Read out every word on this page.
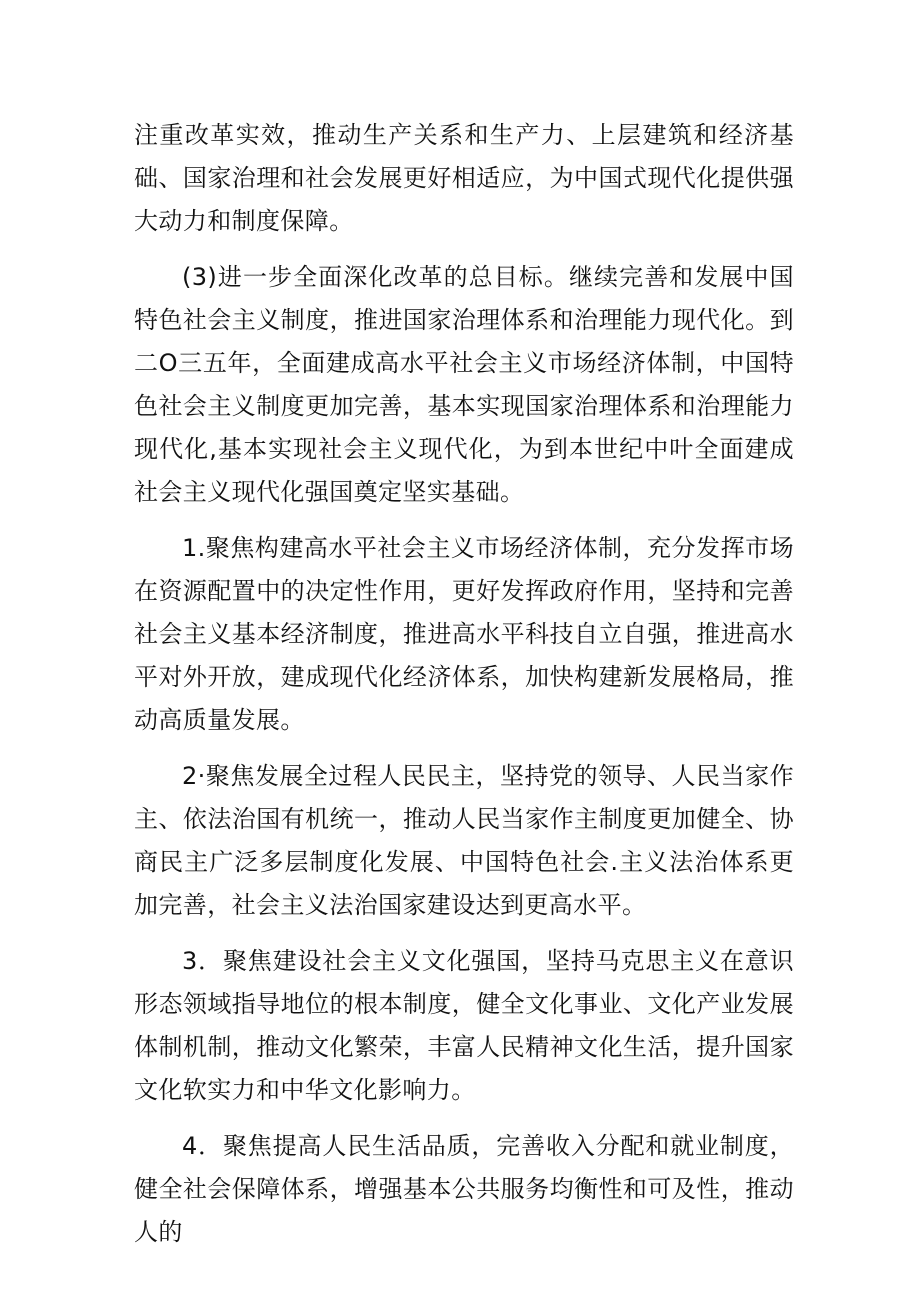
注重改革实效，推动生产关系和生产力、上层建筑和经济基础、国家治理和社会发展更好相适应，为中国式现代化提供强大动力和制度保障。

(3)进一步全面深化改革的总目标。继续完善和发展中国特色社会主义制度，推进国家治理体系和治理能力现代化。到二O三五年，全面建成高水平社会主义市场经济体制，中国特色社会主义制度更加完善，基本实现国家治理体系和治理能力现代化,基本实现社会主义现代化，为到本世纪中叶全面建成社会主义现代化强国奠定坚实基础。

1.聚焦构建高水平社会主义市场经济体制，充分发挥市场在资源配置中的决定性作用，更好发挥政府作用，坚持和完善社会主义基本经济制度，推进高水平科技自立自强，推进高水平对外开放，建成现代化经济体系，加快构建新发展格局，推动高质量发展。

2·聚焦发展全过程人民民主，坚持党的领导、人民当家作主、依法治国有机统一，推动人民当家作主制度更加健全、协商民主广泛多层制度化发展、中国特色社会.主义法治体系更加完善，社会主义法治国家建设达到更高水平。

3．聚焦建设社会主义文化强国，坚持马克思主义在意识形态领域指导地位的根本制度，健全文化事业、文化产业发展体制机制，推动文化繁荣，丰富人民精神文化生活，提升国家文化软实力和中华文化影响力。

4．聚焦提高人民生活品质，完善收入分配和就业制度，健全社会保障体系，增强基本公共服务均衡性和可及性，推动人的
